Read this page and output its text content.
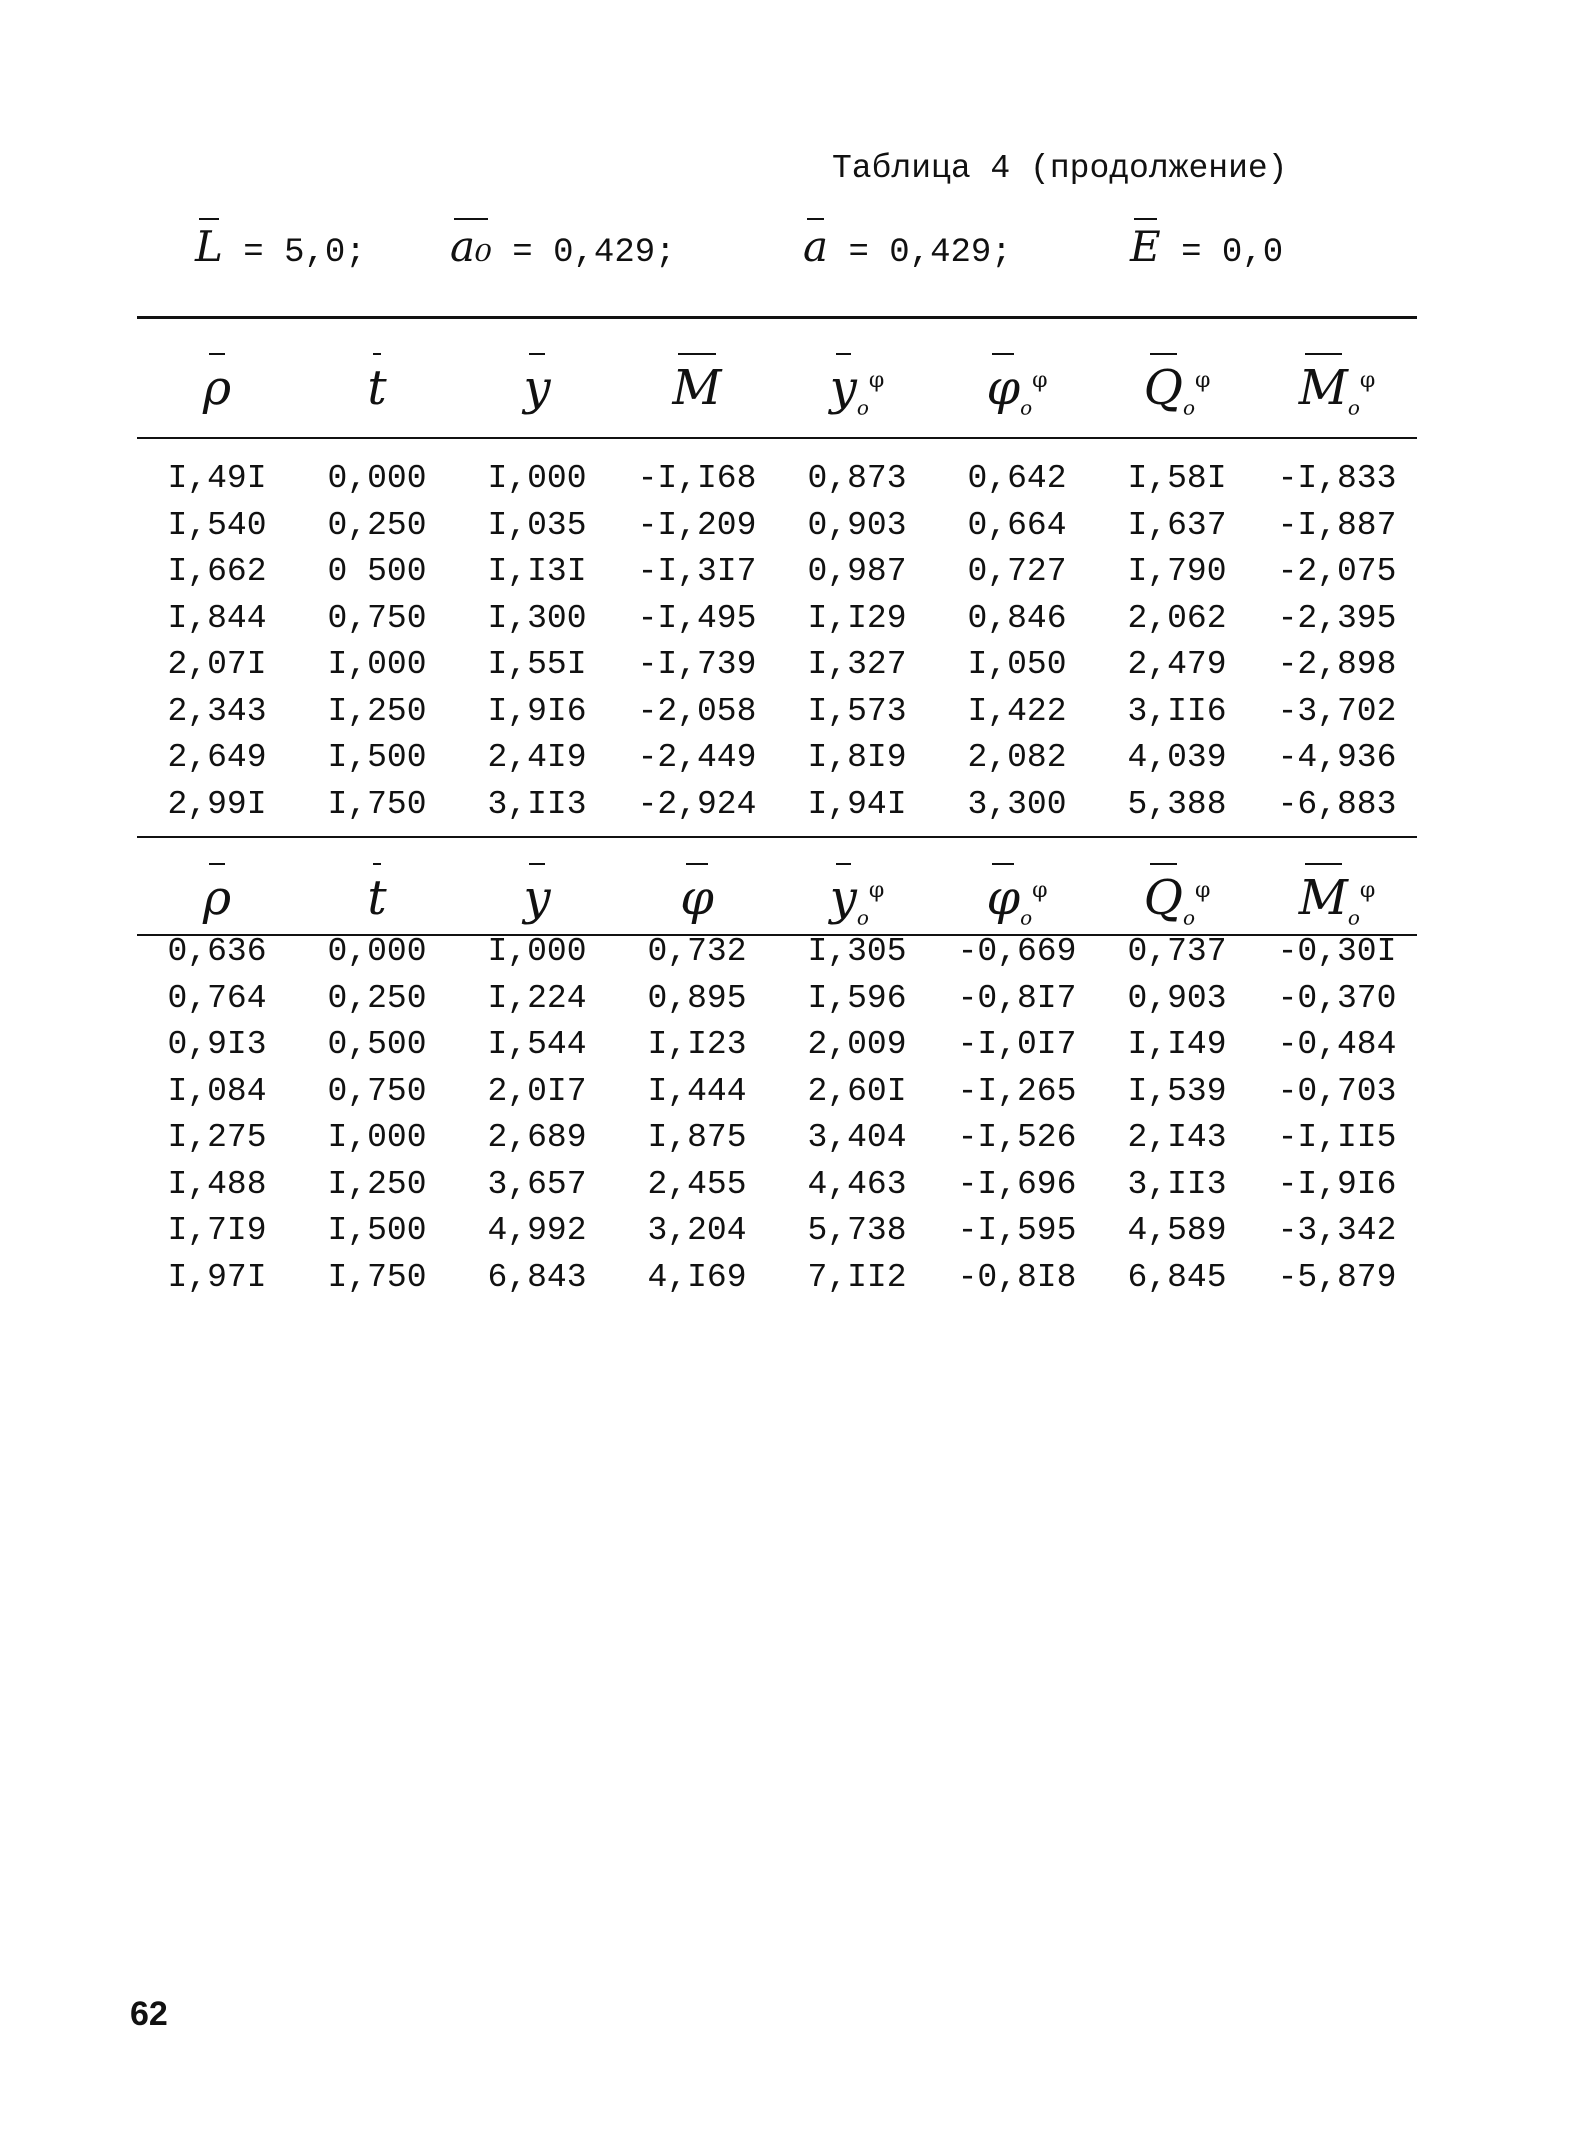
Таблица 4 (продолжение)
L = 5,0; a₀ = 0,429;	a = 0,429;	E = 0,0
ρ	t	y	M	$y_o^\varphi$	$\varphi_o^\varphi$	$Q_o^\varphi$	$M_o^\varphi$
I,49I	0,000	I,000	-I,I68	0,873	0,642	I,58I	-I,833
I,540	0,250	I,035	-I,209	0,903	0,664	I,637	-I,887
I,662	0 500	I,I3I	-I,3I7	0,987	0,727	I,790	-2,075
I,844	0,750	I,300	-I,495	I,I29	0,846	2,062	-2,395
2,07I	I,000	I,55I	-I,739	I,327	I,050	2,479	-2,898
2,343	I,250	I,9I6	-2,058	I,573	I,422	3,II6	-3,702
2,649	I,500	2,4I9	-2,449	I,8I9	2,082	4,039	-4,936
2,99I	I,750	3,II3	-2,924	I,94I	3,300	5,388	-6,883
ρ	t	y	φ	$y_o^\varphi$	$\varphi_o^\varphi$	$Q_o^\varphi$	$M_o^\varphi$
0,636	0,000	I,000	0,732	I,305	-0,669	0,737	-0,30I
0,764	0,250	I,224	0,895	I,596	-0,8I7	0,903	-0,370
0,9I3	0,500	I,544	I,I23	2,009	-I,0I7	I,I49	-0,484
I,084	0,750	2,0I7	I,444	2,60I	-I,265	I,539	-0,703
I,275	I,000	2,689	I,875	3,404	-I,526	2,I43	-I,II5
I,488	I,250	3,657	2,455	4,463	-I,696	3,II3	-I,9I6
I,7I9	I,500	4,992	3,204	5,738	-I,595	4,589	-3,342
I,97I	I,750	6,843	4,I69	7,II2	-0,8I8	6,845	-5,879
62
